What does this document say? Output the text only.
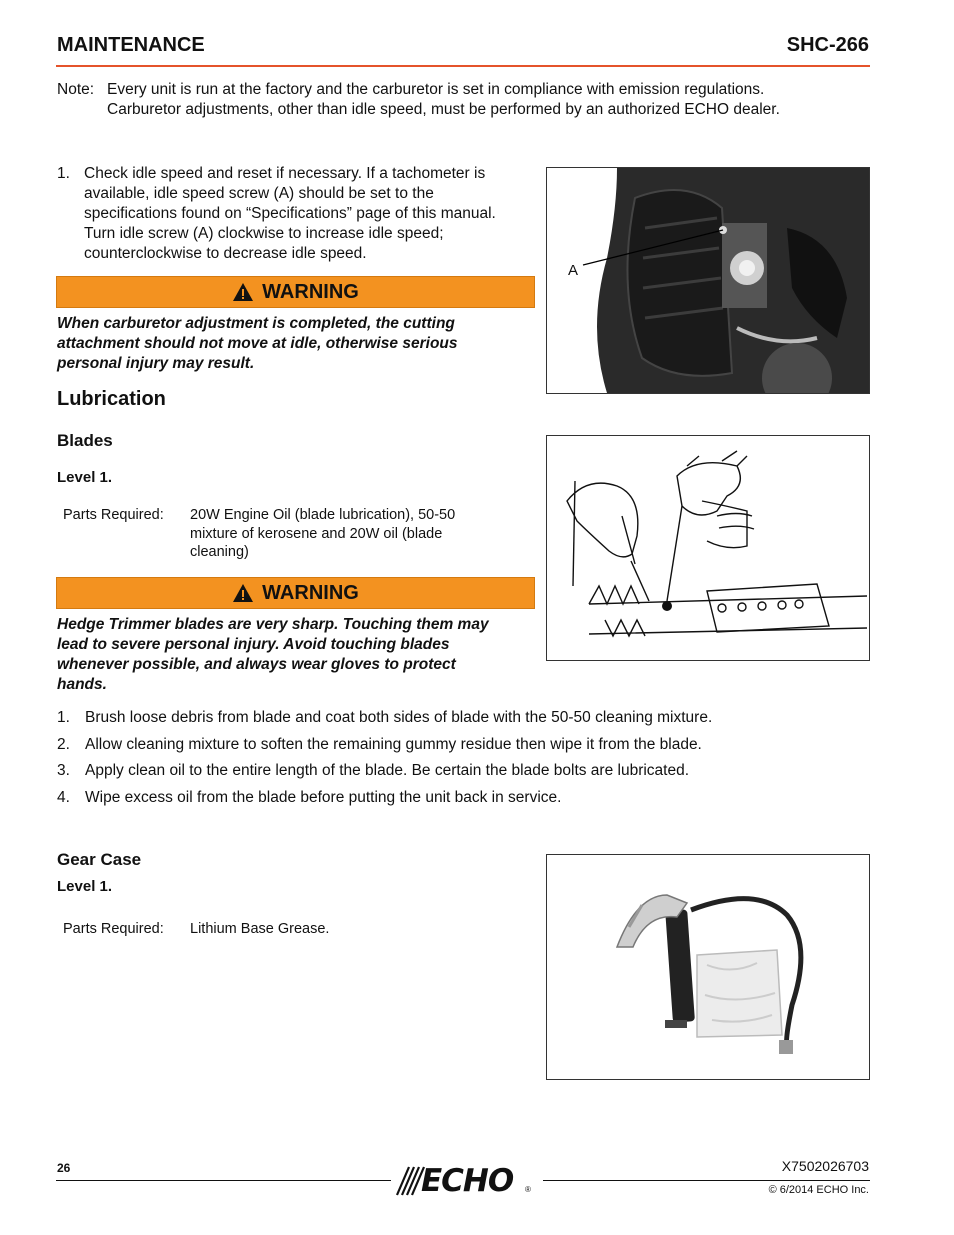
MAINTENANCE	SHC-266
Note: Every unit is run at the factory and the carburetor is set in compliance with emission regulations.
Carburetor adjustments, other than idle speed, must be performed by an authorized ECHO dealer.
1. Check idle speed and reset if necessary. If a tachometer is
available, idle speed screw (A) should be set to the
specifications found on “Specifications” page of this manual.
Turn idle screw (A) clockwise to increase idle speed;
counterclockwise to decrease idle speed.
A
WARNING
When carburetor adjustment is completed, the cutting
attachment should not move at idle, otherwise serious
personal injury may result.
Lubrication
Blades
Level 1.
Parts Required: 20W Engine Oil (blade lubrication), 50-50
mixture of kerosene and 20W oil (blade
cleaning)
WARNING
Hedge Trimmer blades are very sharp. Touching them may
lead to severe personal injury. Avoid touching blades
whenever possible, and always wear gloves to protect
hands.
1. Brush loose debris from blade and coat both sides of blade with the 50-50 cleaning mixture.
2. Allow cleaning mixture to soften the remaining gummy residue then wipe it from the blade.
3. Apply clean oil to the entire length of the blade. Be certain the blade bolts are lubricated.
4. Wipe excess oil from the blade before putting the unit back in service.
Gear Case
Level 1.
Parts Required: Lithium Base Grease.
26	ECHO ®
X7502026703
© 6/2014 ECHO Inc.
